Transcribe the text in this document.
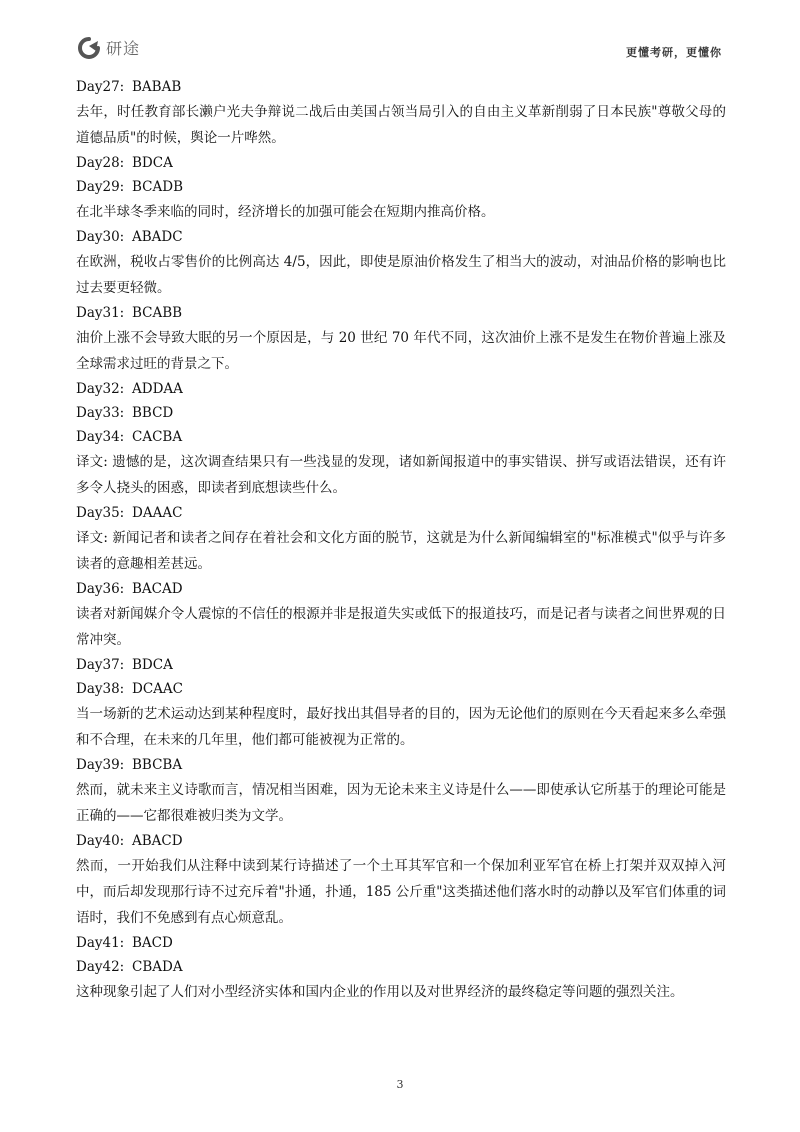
研途	更懂考研，更懂你

Day27: BABAB

去年，时任教育部长濑户光夫争辩说二战后由美国占领当局引入的自由主义革新削弱了日本民族"尊敬父母的道德品质"的时候，舆论一片哗然。

Day28: BDCA

Day29: BCADB

在北半球冬季来临的同时，经济增长的加强可能会在短期内推高价格。

Day30: ABADC

在欧洲，税收占零售价的比例高达 4/5，因此，即使是原油价格发生了相当大的波动，对油品价格的影响也比过去要更轻微。

Day31: BCABB

油价上涨不会导致大眠的另一个原因是，与 20 世纪 70 年代不同，这次油价上涨不是发生在物价普遍上涨及全球需求过旺的背景之下。

Day32: ADDAA

Day33: BBCD

Day34: CACBA

译文: 遗憾的是，这次调查结果只有一些浅显的发现，诸如新闻报道中的事实错误、拼写或语法错误，还有许多令人挠头的困惑，即读者到底想读些什么。

Day35: DAAAC

译文: 新闻记者和读者之间存在着社会和文化方面的脱节，这就是为什么新闻编辑室的"标准模式"似乎与许多读者的意趣相差甚远。

Day36: BACAD

读者对新闻媒介令人震惊的不信任的根源并非是报道失实或低下的报道技巧，而是记者与读者之间世界观的日常冲突。

Day37: BDCA

Day38: DCAAC

当一场新的艺术运动达到某种程度时，最好找出其倡导者的目的，因为无论他们的原则在今天看起来多么牵强和不合理，在未来的几年里，他们都可能被视为正常的。

Day39: BBCBA

然而，就未来主义诗歌而言，情况相当困难，因为无论未来主义诗是什么——即使承认它所基于的理论可能是正确的——它都很难被归类为文学。

Day40: ABACD

然而，一开始我们从注释中读到某行诗描述了一个土耳其军官和一个保加利亚军官在桥上打架并双双掉入河中，而后却发现那行诗不过充斥着"扑通，扑通，185 公斤重"这类描述他们落水时的动静以及军官们体重的词语时，我们不免感到有点心烦意乱。

Day41: BACD

Day42: CBADA

这种现象引起了人们对小型经济实体和国内企业的作用以及对世界经济的最终稳定等问题的强烈关注。

3
